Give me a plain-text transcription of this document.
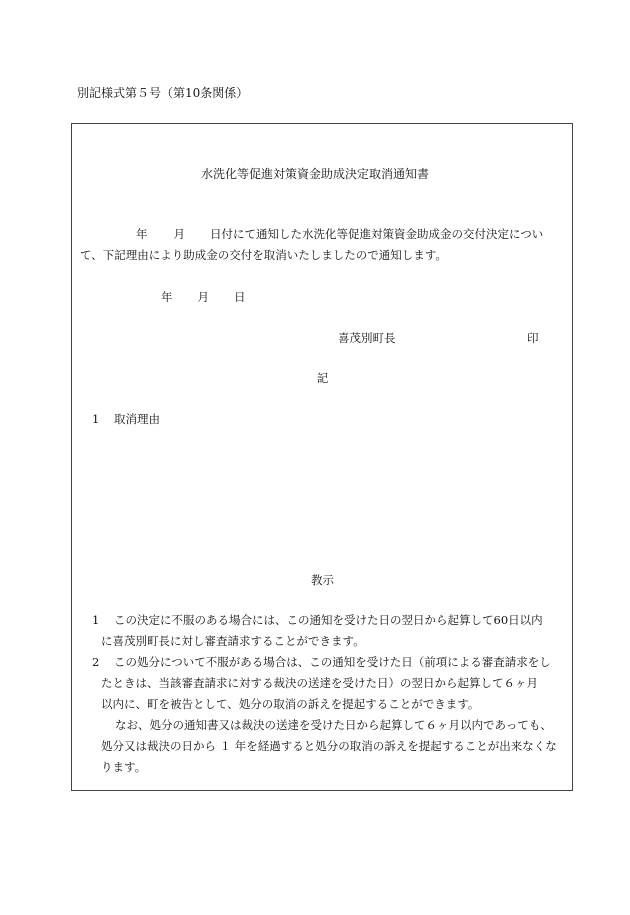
別記様式第５号（第10条関係）
水洗化等促進対策資金助成決定取消通知書
年 月 日付にて通知した水洗化等促進対策資金助成金の交付決定につい
て、下記理由により助成金の交付を取消いたしましたので通知します。
年 月 日
喜茂別町長	印
記
1 取消理由
教示
1 この決定に不服のある場合には、この通知を受けた日の翌日から起算して60日以内
に喜茂別町長に対し審査請求することができます。
2 この処分について不服がある場合は、この通知を受けた日（前項による審査請求をし
たときは、当該審査請求に対する裁決の送達を受けた日）の翌日から起算して６ヶ月
以内に、町を被告として、処分の取消の訴えを提起することができます。
なお、処分の通知書又は裁決の送達を受けた日から起算して６ヶ月以内であっても、
処分又は裁決の日から １ 年を経過すると処分の取消の訴えを提起することが出来なくな
ります。
